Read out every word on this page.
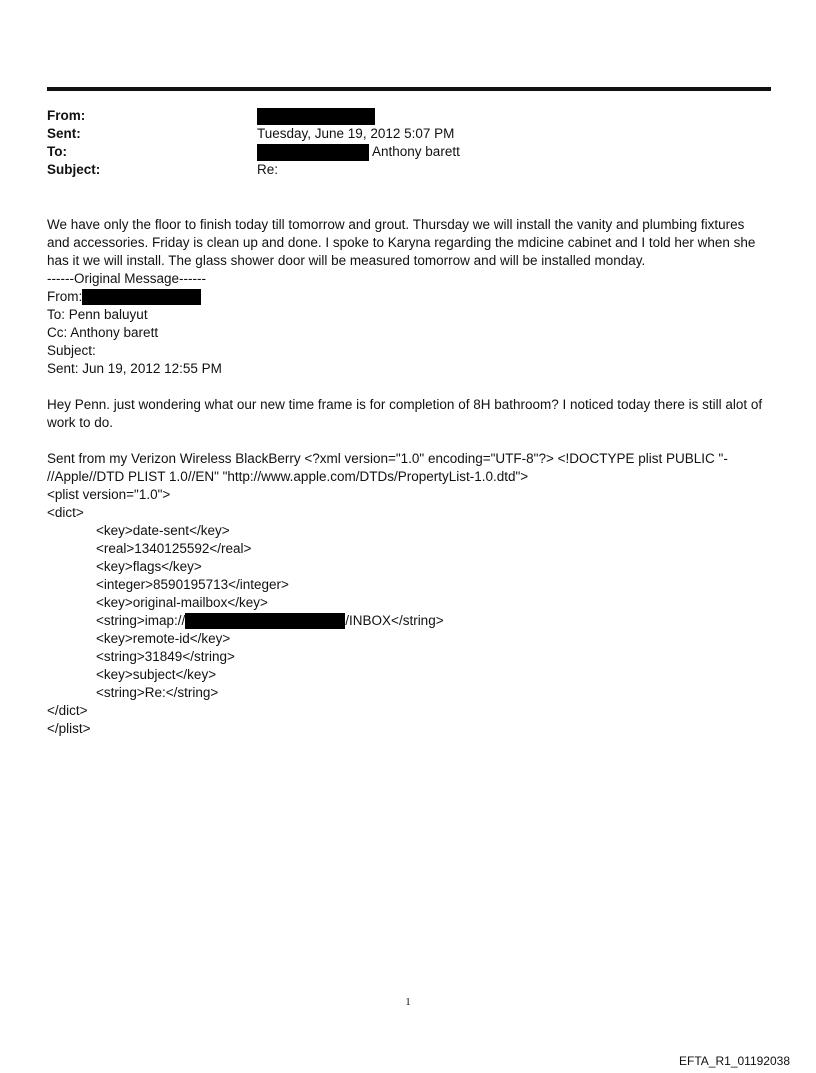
From:
Sent:	Tuesday, June 19, 2012 5:07 PM
To:	Anthony barett
Subject:	Re:
We have only the floor to finish today till tomorrow and grout. Thursday we will install the vanity and plumbing fixtures and accessories. Friday is clean up and done. I spoke to Karyna regarding the mdicine cabinet and I told her when she has it we will install. The glass shower door will be measured tomorrow and will be installed monday.
------Original Message------
From:
To: Penn baluyut
Cc: Anthony barett
Subject:
Sent: Jun 19, 2012 12:55 PM
Hey Penn. just wondering what our new time frame is for completion of 8H bathroom? I noticed today there is still alot of work to do.
Sent from my Verizon Wireless BlackBerry <?xml version="1.0" encoding="UTF-8"?> <!DOCTYPE plist PUBLIC "-
//Apple//DTD PLIST 1.0//EN" "http://www.apple.com/DTDs/PropertyList-1.0.dtd">
<plist version="1.0">
<dict>
<key>date-sent</key>
<real>1340125592</real>
<key>flags</key>
<integer>8590195713</integer>
<key>original-mailbox</key>
<string>imap://	/INBOX</string>
<key>remote-id</key>
<string>31849</string>
<key>subject</key>
<string>Re:</string>
</dict>
</plist>
1
EFTA_R1_01192038
